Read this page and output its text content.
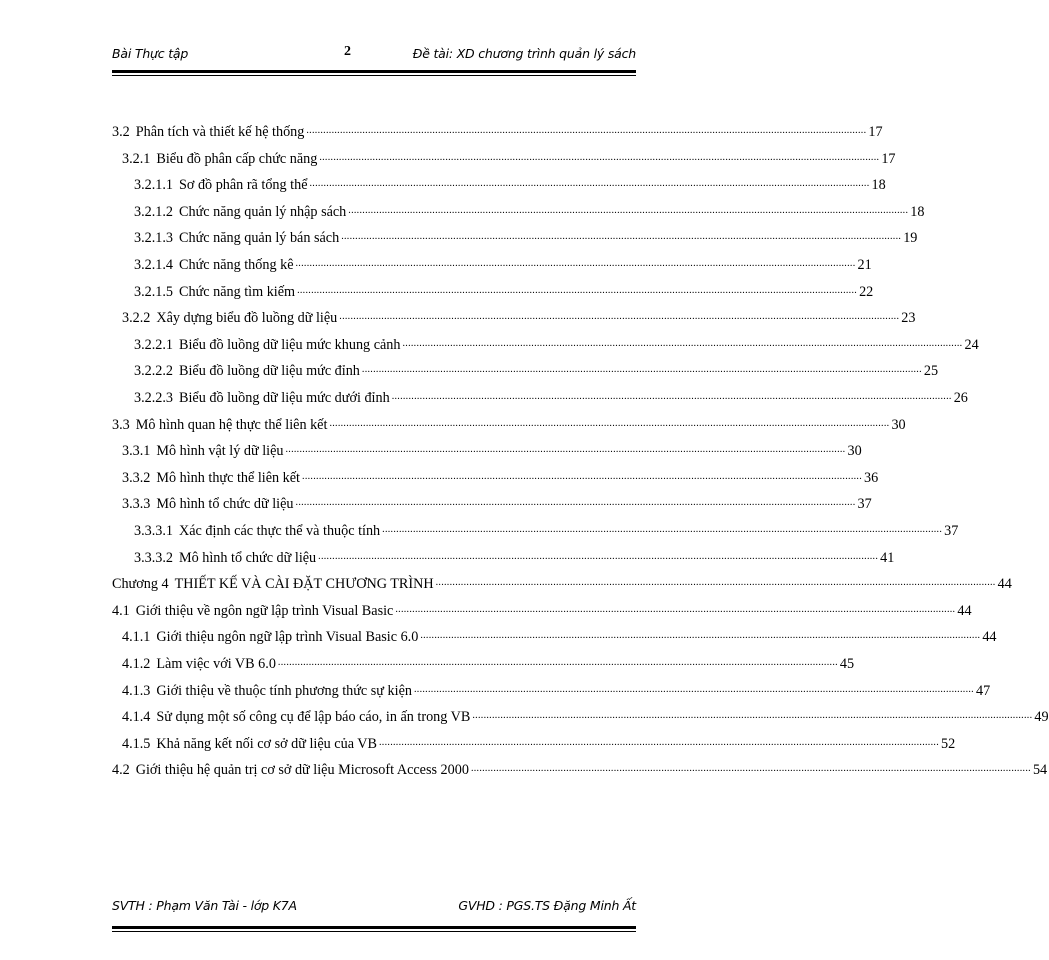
Bài Thực tập	2	Đề tài: XD chương trình quản lý sách
3.2 Phân tích và thiết kế hệ thống ........................................................................................................................................................................................................ 17
3.2.1 Biểu đồ phân cấp chức năng ........................................................................................................................................................................................................ 17
3.2.1.1 Sơ đồ phân rã tổng thể ........................................................................................................................................................................................................ 18
3.2.1.2 Chức năng quản lý nhập sách ........................................................................................................................................................................................................ 18
3.2.1.3 Chức năng quản lý bán sách ........................................................................................................................................................................................................ 19
3.2.1.4 Chức năng thống kê ........................................................................................................................................................................................................ 21
3.2.1.5 Chức năng tìm kiếm ........................................................................................................................................................................................................ 22
3.2.2 Xây dựng biểu đồ luồng dữ liệu ........................................................................................................................................................................................................ 23
3.2.2.1 Biểu đồ luồng dữ liệu mức khung cảnh ........................................................................................................................................................................................................ 24
3.2.2.2 Biểu đồ luồng dữ liệu mức đỉnh ........................................................................................................................................................................................................ 25
3.2.2.3 Biểu đồ luồng dữ liệu mức dưới đỉnh ........................................................................................................................................................................................................ 26
3.3 Mô hình quan hệ thực thể liên kết ........................................................................................................................................................................................................ 30
3.3.1 Mô hình vật lý dữ liệu ........................................................................................................................................................................................................ 30
3.3.2 Mô hình thực thể liên kết ........................................................................................................................................................................................................ 36
3.3.3 Mô hình tổ chức dữ liệu ........................................................................................................................................................................................................ 37
3.3.3.1 Xác định các thực thể và thuộc tính ........................................................................................................................................................................................................ 37
3.3.3.2 Mô hình tổ chức dữ liệu ........................................................................................................................................................................................................ 41
Chương 4 THIẾT KẾ VÀ CÀI ĐẶT CHƯƠNG TRÌNH ........................................................................................................................................................................................................ 44
4.1 Giới thiệu về ngôn ngữ lập trình Visual Basic ........................................................................................................................................................................................................ 44
4.1.1 Giới thiệu ngôn ngữ lập trình Visual Basic 6.0 ........................................................................................................................................................................................................ 44
4.1.2 Làm việc với VB 6.0 ........................................................................................................................................................................................................ 45
4.1.3 Giới thiệu về thuộc tính phương thức sự kiện ........................................................................................................................................................................................................ 47
4.1.4 Sử dụng một số công cụ để lập báo cáo, in ấn trong VB ........................................................................................................................................................................................................ 49
4.1.5 Khả năng kết nối cơ sở dữ liệu của VB ........................................................................................................................................................................................................ 52
4.2 Giới thiệu hệ quản trị cơ sở dữ liệu Microsoft Access 2000 ........................................................................................................................................................................................................ 54
SVTH : Phạm Văn Tài - lớp K7A	GVHD : PGS.TS Đặng Minh Ất
